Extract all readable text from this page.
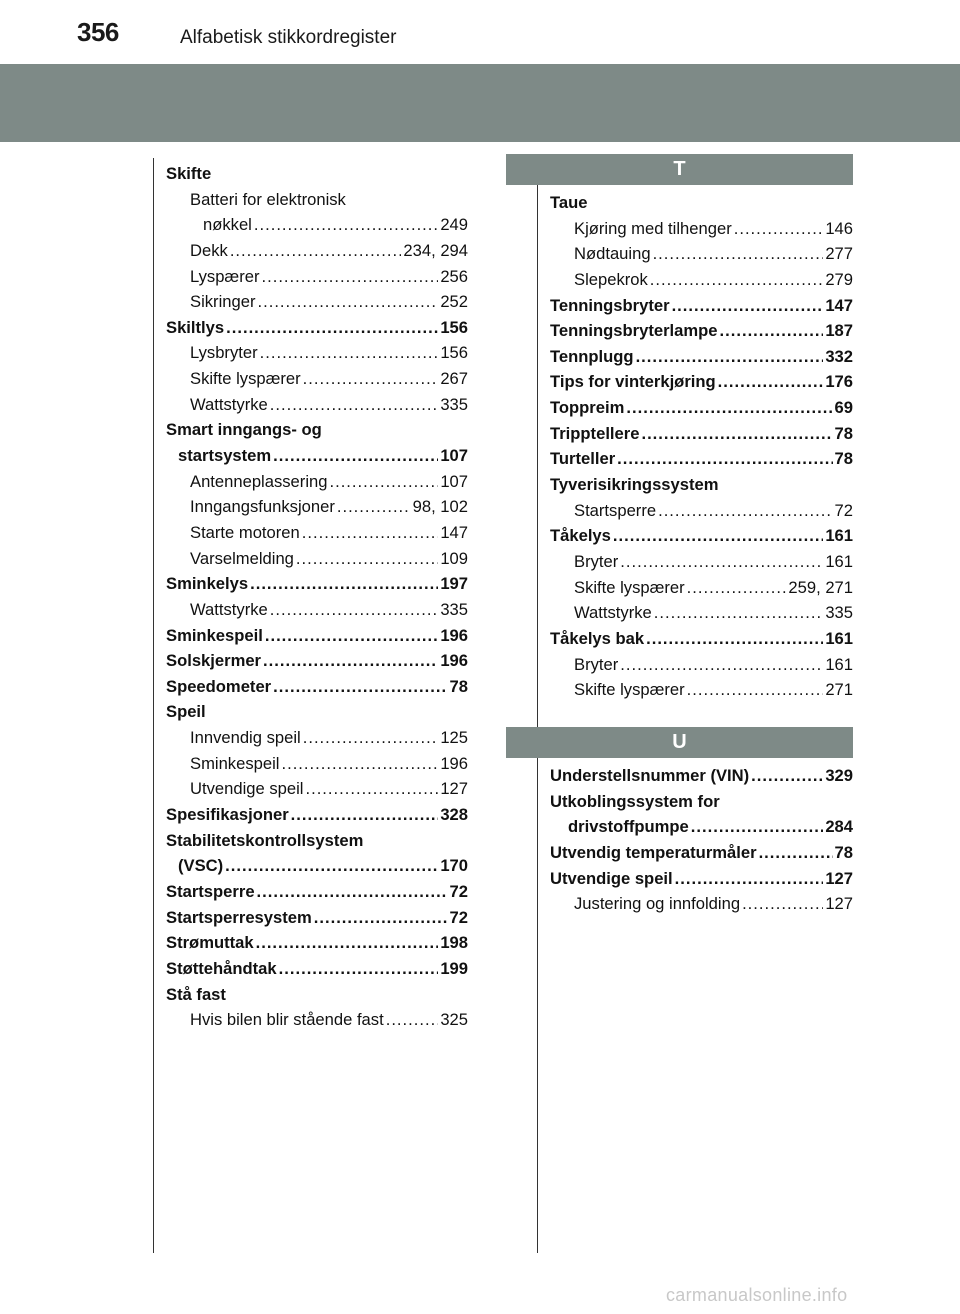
356	Alfabetisk stikkordregister
T
U
Skifte
Batteri for elektronisk
nøkkel .....	249
Dekk .....	234, 294
Lyspærer .....	256
Sikringer .....	252
Skiltlys .....	156
Lysbryter .....	156
Skifte lyspærer .....	267
Wattstyrke .....	335
Smart inngangs- og
startsystem .....	107
Antenneplassering .....	107
Inngangsfunksjoner .....	98, 102
Starte motoren .....	147
Varselmelding .....	109
Sminkelys .....	197
Wattstyrke .....	335
Sminkespeil .....	196
Solskjermer .....	196
Speedometer .....	78
Speil
Innvendig speil .....	125
Sminkespeil .....	196
Utvendige speil .....	127
Spesifikasjoner .....	328
Stabilitetskontrollsystem
(VSC) .....	170
Startsperre .....	72
Startsperresystem .....	72
Strømuttak .....	198
Støttehåndtak .....	199
Stå fast
Hvis bilen blir stående fast .....	325
Taue
Kjøring med tilhenger .....	146
Nødtauing .....	277
Slepekrok .....	279
Tenningsbryter .....	147
Tenningsbryterlampe .....	187
Tennplugg .....	332
Tips for vinterkjøring .....	176
Toppreim .....	69
Tripptellere .....	78
Turteller .....	78
Tyverisikringssystem
Startsperre .....	72
Tåkelys .....	161
Bryter .....	161
Skifte lyspærer .....	259, 271
Wattstyrke .....	335
Tåkelys bak .....	161
Bryter .....	161
Skifte lyspærer .....	271
Understellsnummer (VIN) .....	329
Utkoblingssystem for
drivstoffpumpe .....	284
Utvendig temperaturmåler .....	78
Utvendige speil .....	127
Justering og innfolding .....	127
carmanualsonline.info
